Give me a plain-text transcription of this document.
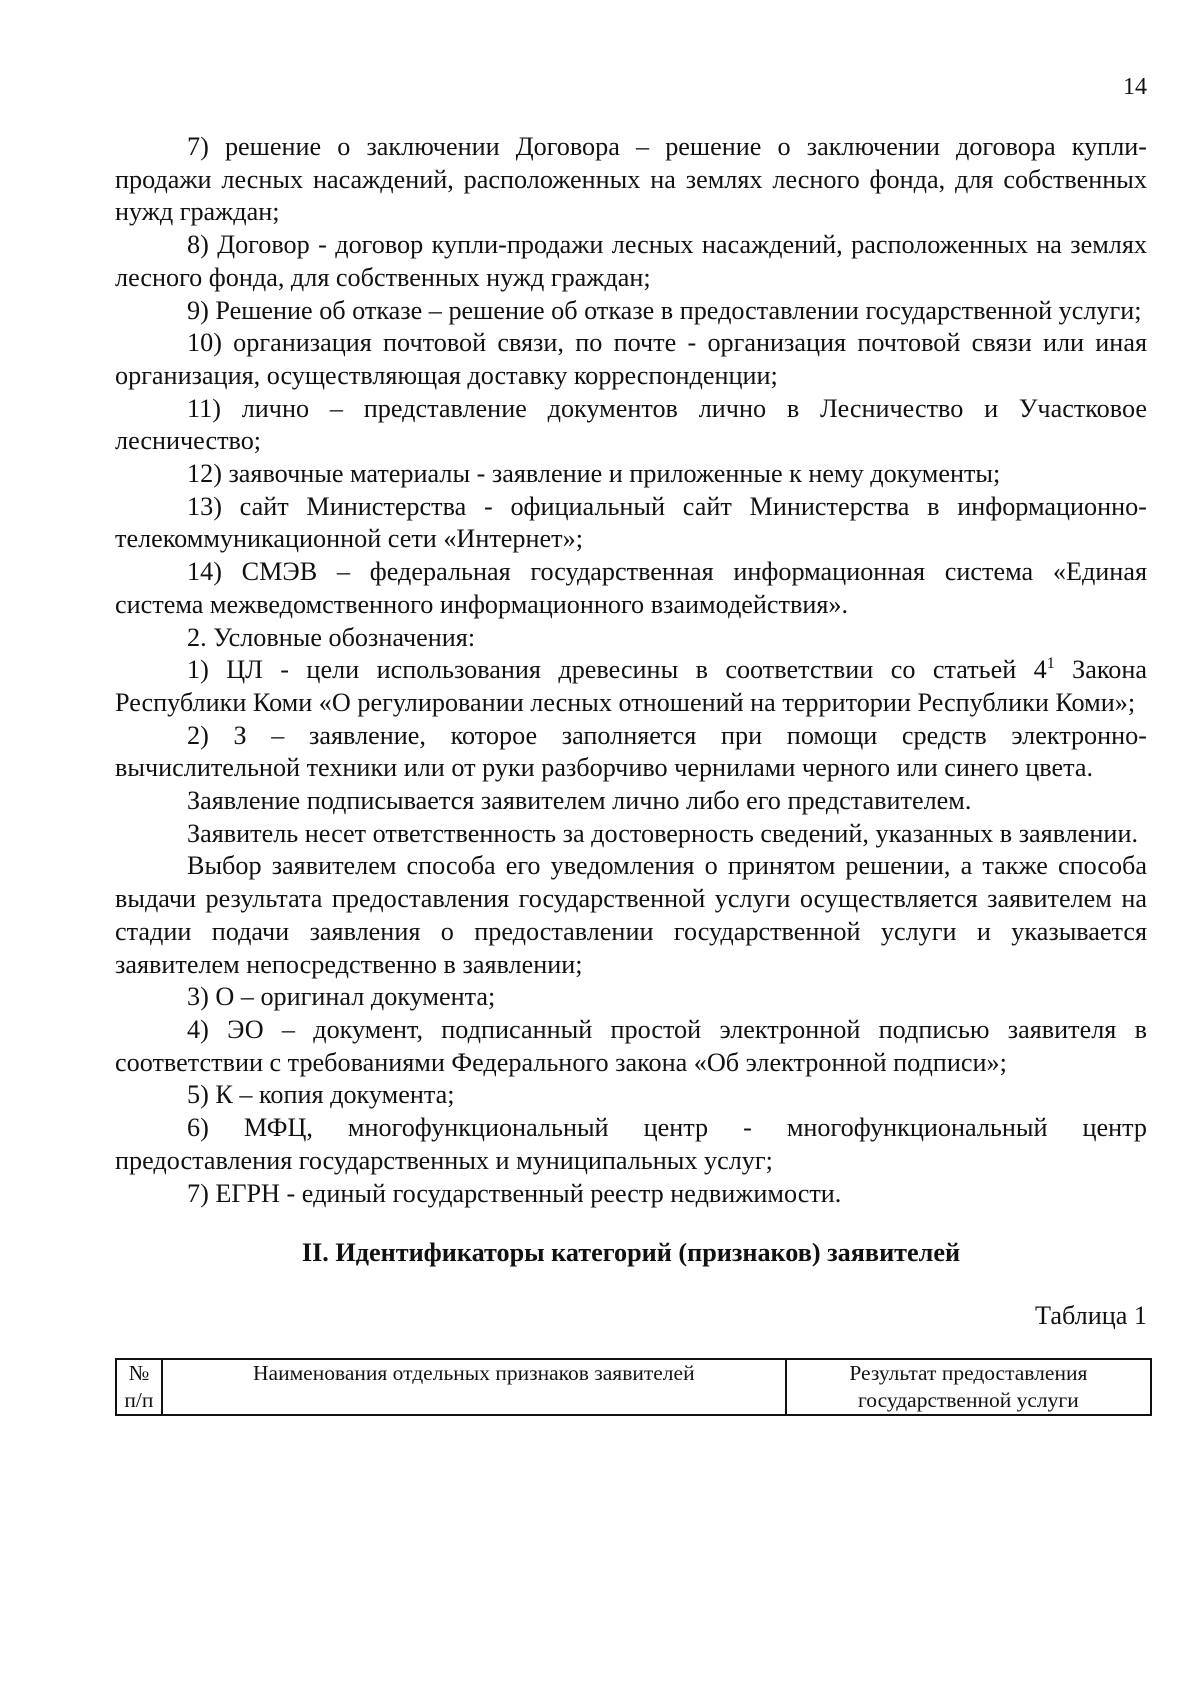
14

7) решение о заключении Договора – решение о заключении договора купли-продажи лесных насаждений, расположенных на землях лесного фонда, для собственных нужд граждан;

8) Договор - договор купли-продажи лесных насаждений, расположенных на землях лесного фонда, для собственных нужд граждан;

9) Решение об отказе – решение об отказе в предоставлении государственной услуги;

10) организация почтовой связи, по почте - организация почтовой связи или иная организация, осуществляющая доставку корреспонденции;

11) лично – представление документов лично в Лесничество и Участковое лесничество;

12) заявочные материалы - заявление и приложенные к нему документы;

13) сайт Министерства - официальный сайт Министерства в информационно-телекоммуникационной сети «Интернет»;

14) СМЭВ – федеральная государственная информационная система «Единая система межведомственного информационного взаимодействия».

2. Условные обозначения:

1) ЦЛ - цели использования древесины в соответствии со статьей $4^1$ Закона Республики Коми «О регулировании лесных отношений на территории Республики Коми»;

2) З – заявление, которое заполняется при помощи средств электронно-вычислительной техники или от руки разборчиво чернилами черного или синего цвета.

Заявление подписывается заявителем лично либо его представителем.

Заявитель несет ответственность за достоверность сведений, указанных в заявлении.

Выбор заявителем способа его уведомления о принятом решении, а также способа выдачи результата предоставления государственной услуги осуществляется заявителем на стадии подачи заявления о предоставлении государственной услуги и указывается заявителем непосредственно в заявлении;

3) О – оригинал документа;

4) ЭО – документ, подписанный простой электронной подписью заявителя в соответствии с требованиями Федерального закона «Об электронной подписи»;

5) К – копия документа;

6) МФЦ, многофункциональный центр - многофункциональный центр предоставления государственных и муниципальных услуг;

7) ЕГРН - единый государственный реестр недвижимости.

II. Идентификаторы категорий (признаков) заявителей

Таблица 1

№ п/п	Наименования отдельных признаков заявителей	Результат предоставления государственной услуги
